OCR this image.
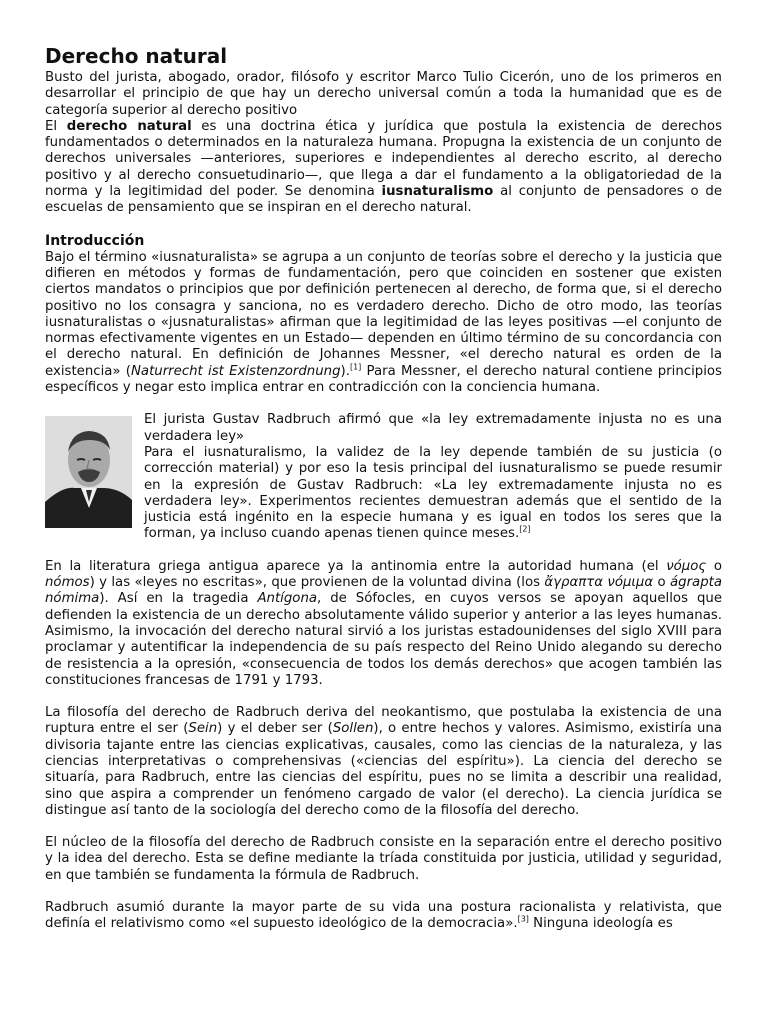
Derecho natural

Busto del jurista, abogado, orador, filósofo y escritor Marco Tulio Cicerón, uno de los primeros en desarrollar el principio de que hay un derecho universal común a toda la humanidad que es de categoría superior al derecho positivo

El derecho natural es una doctrina ética y jurídica que postula la existencia de derechos fundamentados o determinados en la naturaleza humana. Propugna la existencia de un conjunto de derechos universales —anteriores, superiores e independientes al derecho escrito, al derecho positivo y al derecho consuetudinario—, que llega a dar el fundamento a la obligatoriedad de la norma y la legitimidad del poder. Se denomina iusnaturalismo al conjunto de pensadores o de escuelas de pensamiento que se inspiran en el derecho natural.

Introducción

Bajo el término «iusnaturalista» se agrupa a un conjunto de teorías sobre el derecho y la justicia que difieren en métodos y formas de fundamentación, pero que coinciden en sostener que existen ciertos mandatos o principios que por definición pertenecen al derecho, de forma que, si el derecho positivo no los consagra y sanciona, no es verdadero derecho. Dicho de otro modo, las teorías iusnaturalistas o «jusnaturalistas» afirman que la legitimidad de las leyes positivas —el conjunto de normas efectivamente vigentes en un Estado— dependen en último término de su concordancia con el derecho natural. En definición de Johannes Messner, «el derecho natural es orden de la existencia» (Naturrecht ist Existenzordnung).[1] Para Messner, el derecho natural contiene principios específicos y negar esto implica entrar en contradicción con la conciencia humana.

El jurista Gustav Radbruch afirmó que «la ley extremadamente injusta no es una verdadera ley»

Para el iusnaturalismo, la validez de la ley depende también de su justicia (o corrección material) y por eso la tesis principal del iusnaturalismo se puede resumir en la expresión de Gustav Radbruch: «La ley extremadamente injusta no es verdadera ley». Experimentos recientes demuestran además que el sentido de la justicia está ingénito en la especie humana y es igual en todos los seres que la forman, ya incluso cuando apenas tienen quince meses.[2]

En la literatura griega antigua aparece ya la antinomia entre la autoridad humana (el νόμος o nómos) y las «leyes no escritas», que provienen de la voluntad divina (los ἄγραπτα νόμιμα o ágrapta nómima). Así en la tragedia Antígona, de Sófocles, en cuyos versos se apoyan aquellos que defienden la existencia de un derecho absolutamente válido superior y anterior a las leyes humanas. Asimismo, la invocación del derecho natural sirvió a los juristas estadounidenses del siglo XVIII para proclamar y autentificar la independencia de su país respecto del Reino Unido alegando su derecho de resistencia a la opresión, «consecuencia de todos los demás derechos» que acogen también las constituciones francesas de 1791 y 1793.

La filosofía del derecho de Radbruch deriva del neokantismo, que postulaba la existencia de una ruptura entre el ser (Sein) y el deber ser (Sollen), o entre hechos y valores. Asimismo, existiría una divisoria tajante entre las ciencias explicativas, causales, como las ciencias de la naturaleza, y las ciencias interpretativas o comprehensivas («ciencias del espíritu»). La ciencia del derecho se situaría, para Radbruch, entre las ciencias del espíritu, pues no se limita a describir una realidad, sino que aspira a comprender un fenómeno cargado de valor (el derecho). La ciencia jurídica se distingue así tanto de la sociología del derecho como de la filosofía del derecho.

El núcleo de la filosofía del derecho de Radbruch consiste en la separación entre el derecho positivo y la idea del derecho. Esta se define mediante la tríada constituida por justicia, utilidad y seguridad, en que también se fundamenta la fórmula de Radbruch.

Radbruch asumió durante la mayor parte de su vida una postura racionalista y relativista, que definía el relativismo como «el supuesto ideológico de la democracia».[3] Ninguna ideología es
